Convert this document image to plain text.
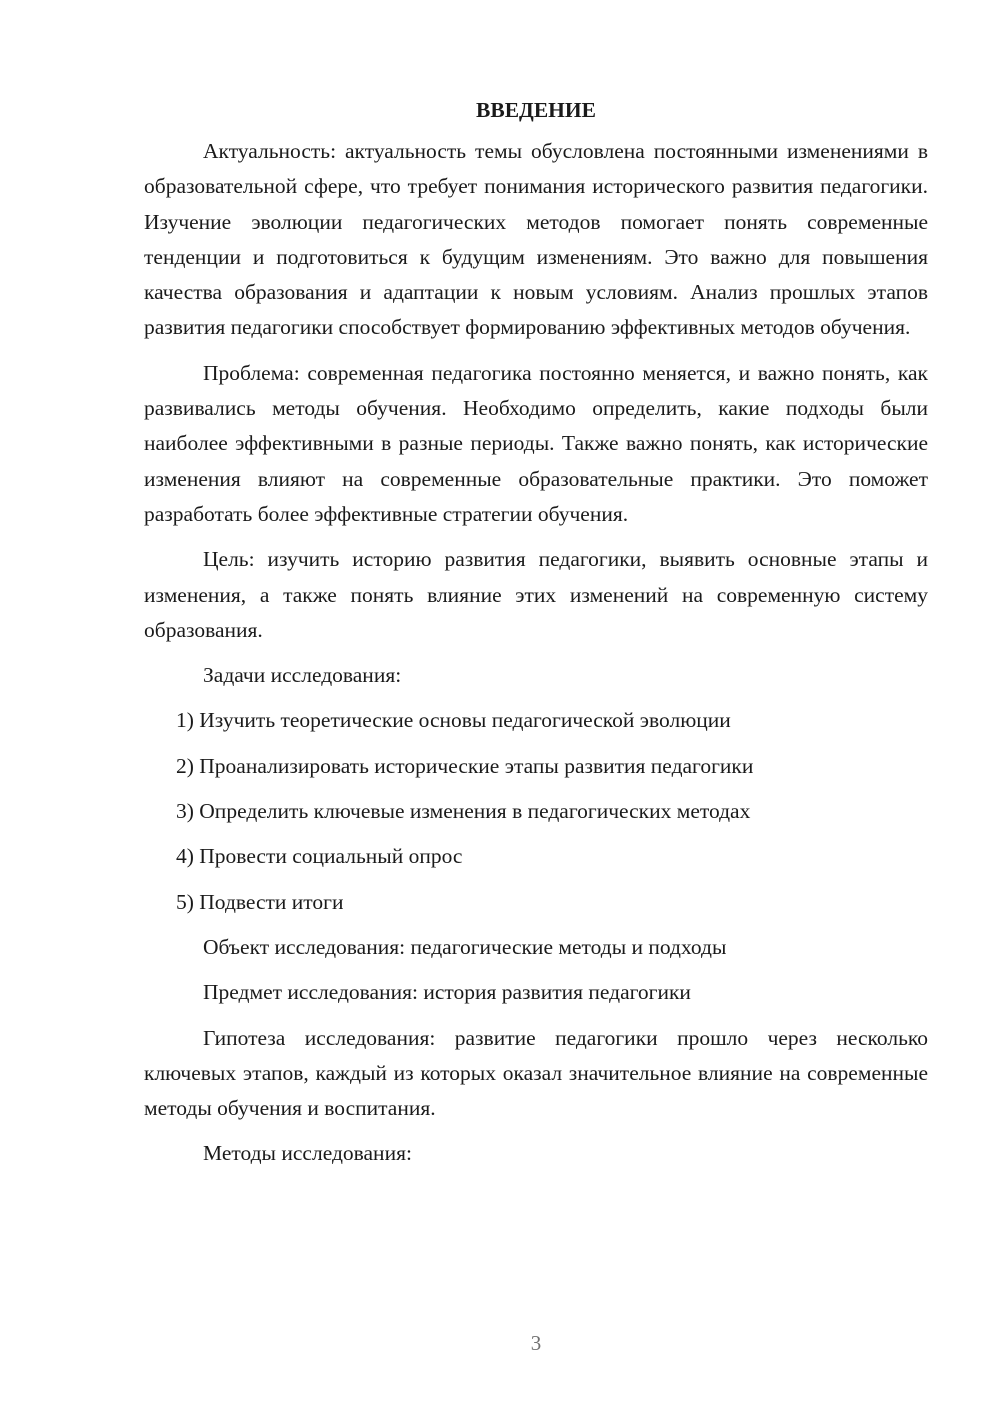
ВВЕДЕНИЕ
Актуальность: актуальность темы обусловлена постоянными изменениями в образовательной сфере, что требует понимания исторического развития педагогики. Изучение эволюции педагогических методов помогает понять современные тенденции и подготовиться к будущим изменениям. Это важно для повышения качества образования и адаптации к новым условиям. Анализ прошлых этапов развития педагогики способствует формированию эффективных методов обучения.
Проблема: современная педагогика постоянно меняется, и важно понять, как развивались методы обучения. Необходимо определить, какие подходы были наиболее эффективными в разные периоды. Также важно понять, как исторические изменения влияют на современные образовательные практики. Это поможет разработать более эффективные стратегии обучения.
Цель: изучить историю развития педагогики, выявить основные этапы и изменения, а также понять влияние этих изменений на современную систему образования.
Задачи исследования:
1) Изучить теоретические основы педагогической эволюции
2) Проанализировать исторические этапы развития педагогики
3) Определить ключевые изменения в педагогических методах
4) Провести социальный опрос
5) Подвести итоги
Объект исследования: педагогические методы и подходы
Предмет исследования: история развития педагогики
Гипотеза исследования: развитие педагогики прошло через несколько ключевых этапов, каждый из которых оказал значительное влияние на современные методы обучения и воспитания.
Методы исследования:
3
